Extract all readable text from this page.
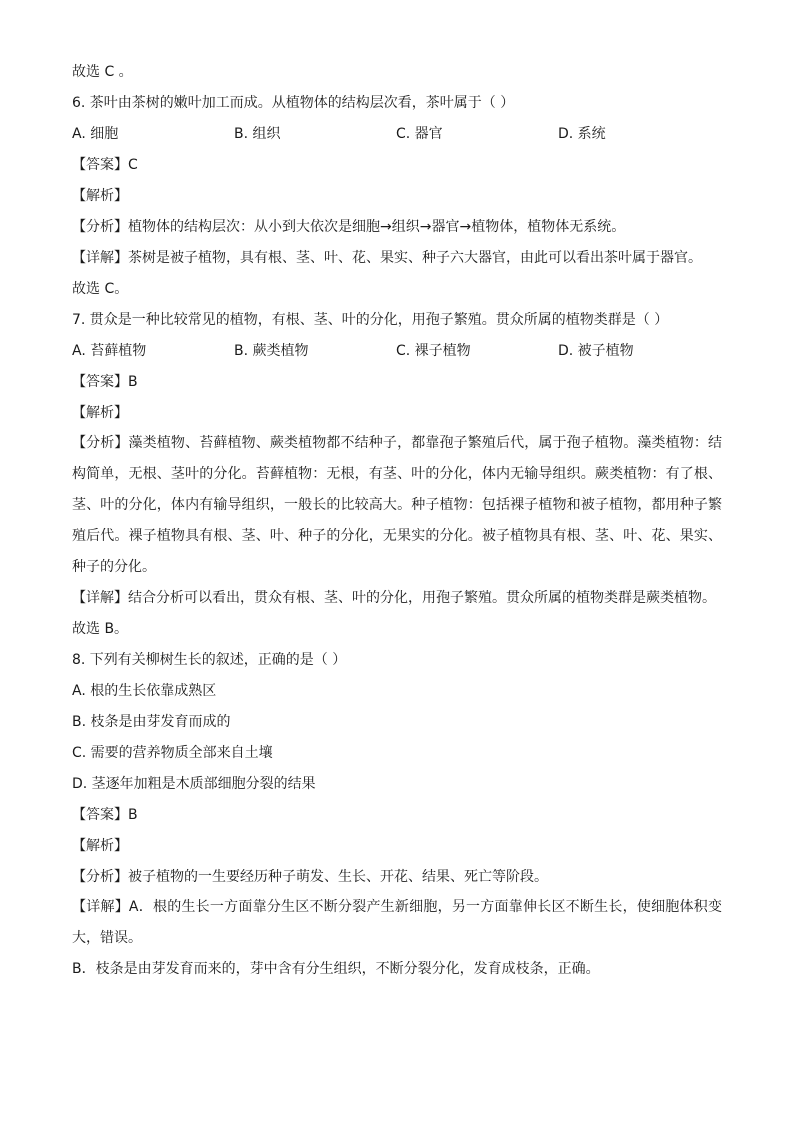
故选 C 。

6. 茶叶由茶树的嫩叶加工而成。从植物体的结构层次看，茶叶属于（ ）

A. 细胞	B. 组织	C. 器官	D. 系统

【答案】C

【解析】

【分析】植物体的结构层次：从小到大依次是细胞→组织→器官→植物体，植物体无系统。

【详解】茶树是被子植物，具有根、茎、叶、花、果实、种子六大器官，由此可以看出茶叶属于器官。

故选 C。

7. 贯众是一种比较常见的植物，有根、茎、叶的分化，用孢子繁殖。贯众所属的植物类群是（ ）

A. 苔藓植物	B. 蕨类植物	C. 裸子植物	D. 被子植物

【答案】B

【解析】

【分析】藻类植物、苔藓植物、蕨类植物都不结种子，都靠孢子繁殖后代，属于孢子植物。藻类植物：结构简单，无根、茎叶的分化。苔藓植物：无根，有茎、叶的分化，体内无输导组织。蕨类植物：有了根、茎、叶的分化，体内有输导组织，一般长的比较高大。种子植物：包括裸子植物和被子植物，都用种子繁殖后代。裸子植物具有根、茎、叶、种子的分化，无果实的分化。被子植物具有根、茎、叶、花、果实、种子的分化。

【详解】结合分析可以看出，贯众有根、茎、叶的分化，用孢子繁殖。贯众所属的植物类群是蕨类植物。

故选 B。

8. 下列有关柳树生长的叙述，正确的是（ ）

A. 根的生长依靠成熟区

B. 枝条是由芽发育而成的

C. 需要的营养物质全部来自土壤

D. 茎逐年加粗是木质部细胞分裂的结果

【答案】B

【解析】

【分析】被子植物的一生要经历种子萌发、生长、开花、结果、死亡等阶段。

【详解】A．根的生长一方面靠分生区不断分裂产生新细胞，另一方面靠伸长区不断生长，使细胞体积变大，错误。

B．枝条是由芽发育而来的，芽中含有分生组织，不断分裂分化，发育成枝条，正确。
